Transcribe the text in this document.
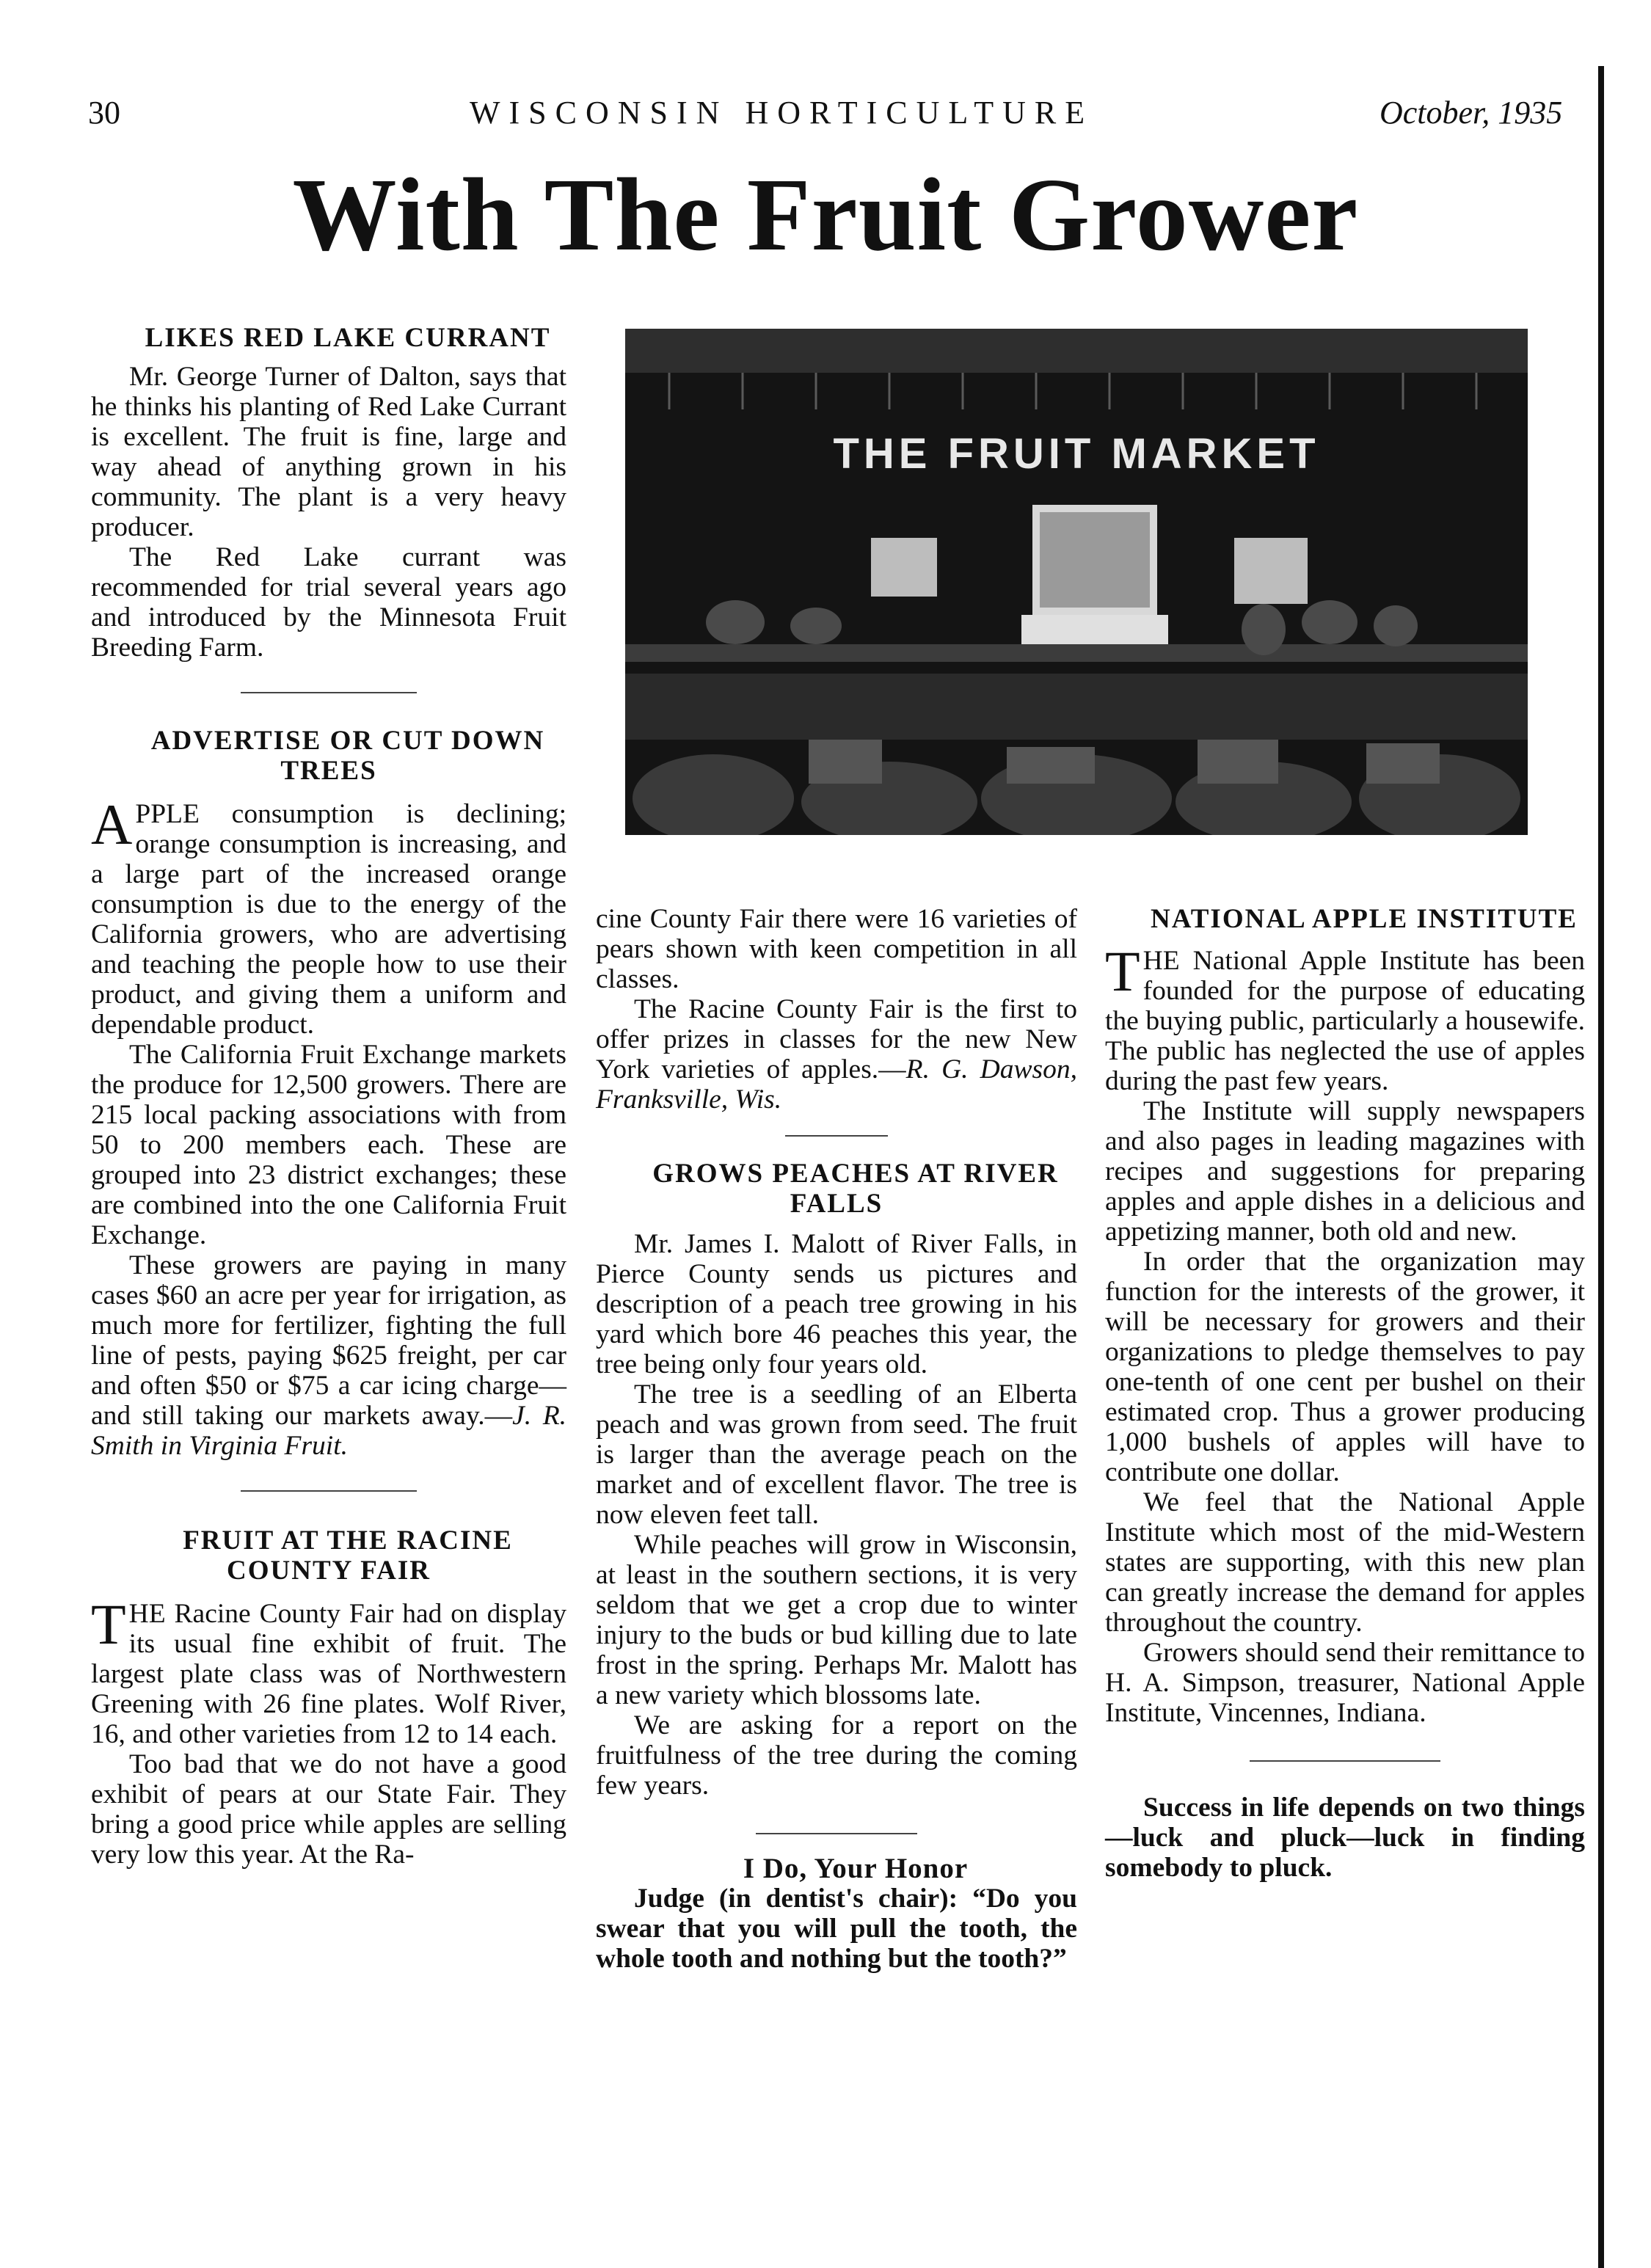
30	WISCONSIN HORTICULTURE	October, 1935
With The Fruit Grower
THE FRUIT MARKET

LIKES RED LAKE CURRANT

Mr. George Turner of Dalton, says that he thinks his planting of Red Lake Currant is excellent. The fruit is fine, large and way ahead of anything grown in his community. The plant is a very heavy producer.

The Red Lake currant was recommended for trial several years ago and introduced by the Minnesota Fruit Breeding Farm.

ADVERTISE OR CUT DOWN TREES

APPLE consumption is declining; orange consumption is increasing, and a large part of the increased orange consumption is due to the energy of the California growers, who are advertising and teaching the people how to use their product, and giving them a uniform and dependable product.

The California Fruit Exchange markets the produce for 12,500 growers. There are 215 local packing associations with from 50 to 200 members each. These are grouped into 23 district exchanges; these are combined into the one California Fruit Exchange.

These growers are paying in many cases $60 an acre per year for irrigation, as much more for fertilizer, fighting the full line of pests, paying $625 freight, per car and often $50 or $75 a car icing charge—and still taking our markets away.—J. R. Smith in Virginia Fruit.

FRUIT AT THE RACINE COUNTY FAIR

THE Racine County Fair had on display its usual fine exhibit of fruit. The largest plate class was of Northwestern Greening with 26 fine plates. Wolf River, 16, and other varieties from 12 to 14 each.

Too bad that we do not have a good exhibit of pears at our State Fair. They bring a good price while apples are selling very low this year. At the Ra-

cine County Fair there were 16 varieties of pears shown with keen competition in all classes.

The Racine County Fair is the first to offer prizes in classes for the new New York varieties of apples.—R. G. Dawson, Franksville, Wis.

GROWS PEACHES AT RIVER FALLS

Mr. James I. Malott of River Falls, in Pierce County sends us pictures and description of a peach tree growing in his yard which bore 46 peaches this year, the tree being only four years old.

The tree is a seedling of an Elberta peach and was grown from seed. The fruit is larger than the average peach on the market and of excellent flavor. The tree is now eleven feet tall.

While peaches will grow in Wisconsin, at least in the southern sections, it is very seldom that we get a crop due to winter injury to the buds or bud killing due to late frost in the spring. Perhaps Mr. Malott has a new variety which blossoms late.

We are asking for a report on the fruitfulness of the tree during the coming few years.

I Do, Your Honor

Judge (in dentist's chair): “Do you swear that you will pull the tooth, the whole tooth and nothing but the tooth?”

NATIONAL APPLE INSTITUTE

THE National Apple Institute has been founded for the purpose of educating the buying public, particularly a housewife. The public has neglected the use of apples during the past few years.

The Institute will supply newspapers and also pages in leading magazines with recipes and suggestions for preparing apples and apple dishes in a delicious and appetizing manner, both old and new.

In order that the organization may function for the interests of the grower, it will be necessary for growers and their organizations to pledge themselves to pay one-tenth of one cent per bushel on their estimated crop. Thus a grower producing 1,000 bushels of apples will have to contribute one dollar.

We feel that the National Apple Institute which most of the mid-Western states are supporting, with this new plan can greatly increase the demand for apples throughout the country.

Growers should send their remittance to H. A. Simpson, treasurer, National Apple Institute, Vincennes, Indiana.

Success in life depends on two things—luck and pluck—luck in finding somebody to pluck.
